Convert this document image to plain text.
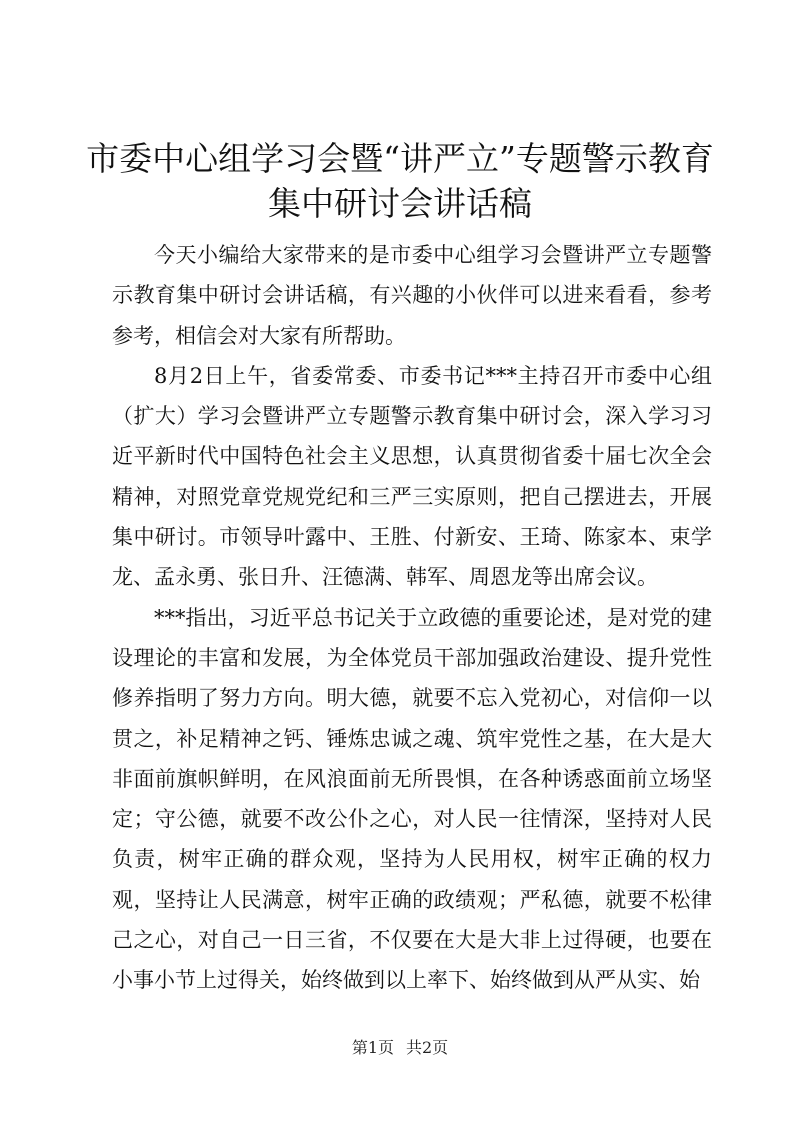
市委中心组学习会暨“讲严立”专题警示教育
集中研讨会讲话稿

今天小编给大家带来的是市委中心组学习会暨讲严立专题警示教育集中研讨会讲话稿，有兴趣的小伙伴可以进来看看，参考参考，相信会对大家有所帮助。

8月2日上午，省委常委、市委书记***主持召开市委中心组（扩大）学习会暨讲严立专题警示教育集中研讨会，深入学习习近平新时代中国特色社会主义思想，认真贯彻省委十届七次全会精神，对照党章党规党纪和三严三实原则，把自己摆进去，开展集中研讨。市领导叶露中、王胜、付新安、王琦、陈家本、束学龙、孟永勇、张日升、汪德满、韩军、周恩龙等出席会议。

***指出，习近平总书记关于立政德的重要论述，是对党的建设理论的丰富和发展，为全体党员干部加强政治建设、提升党性修养指明了努力方向。明大德，就要不忘入党初心，对信仰一以贯之，补足精神之钙、锤炼忠诚之魂、筑牢党性之基，在大是大非面前旗帜鲜明，在风浪面前无所畏惧，在各种诱惑面前立场坚定；守公德，就要不改公仆之心，对人民一往情深，坚持对人民负责，树牢正确的群众观，坚持为人民用权，树牢正确的权力观，坚持让人民满意，树牢正确的政绩观；严私德，就要不松律己之心，对自己一日三省，不仅要在大是大非上过得硬，也要在小事小节上过得关，始终做到以上率下、始终做到从严从实、始

第1页 共2页
